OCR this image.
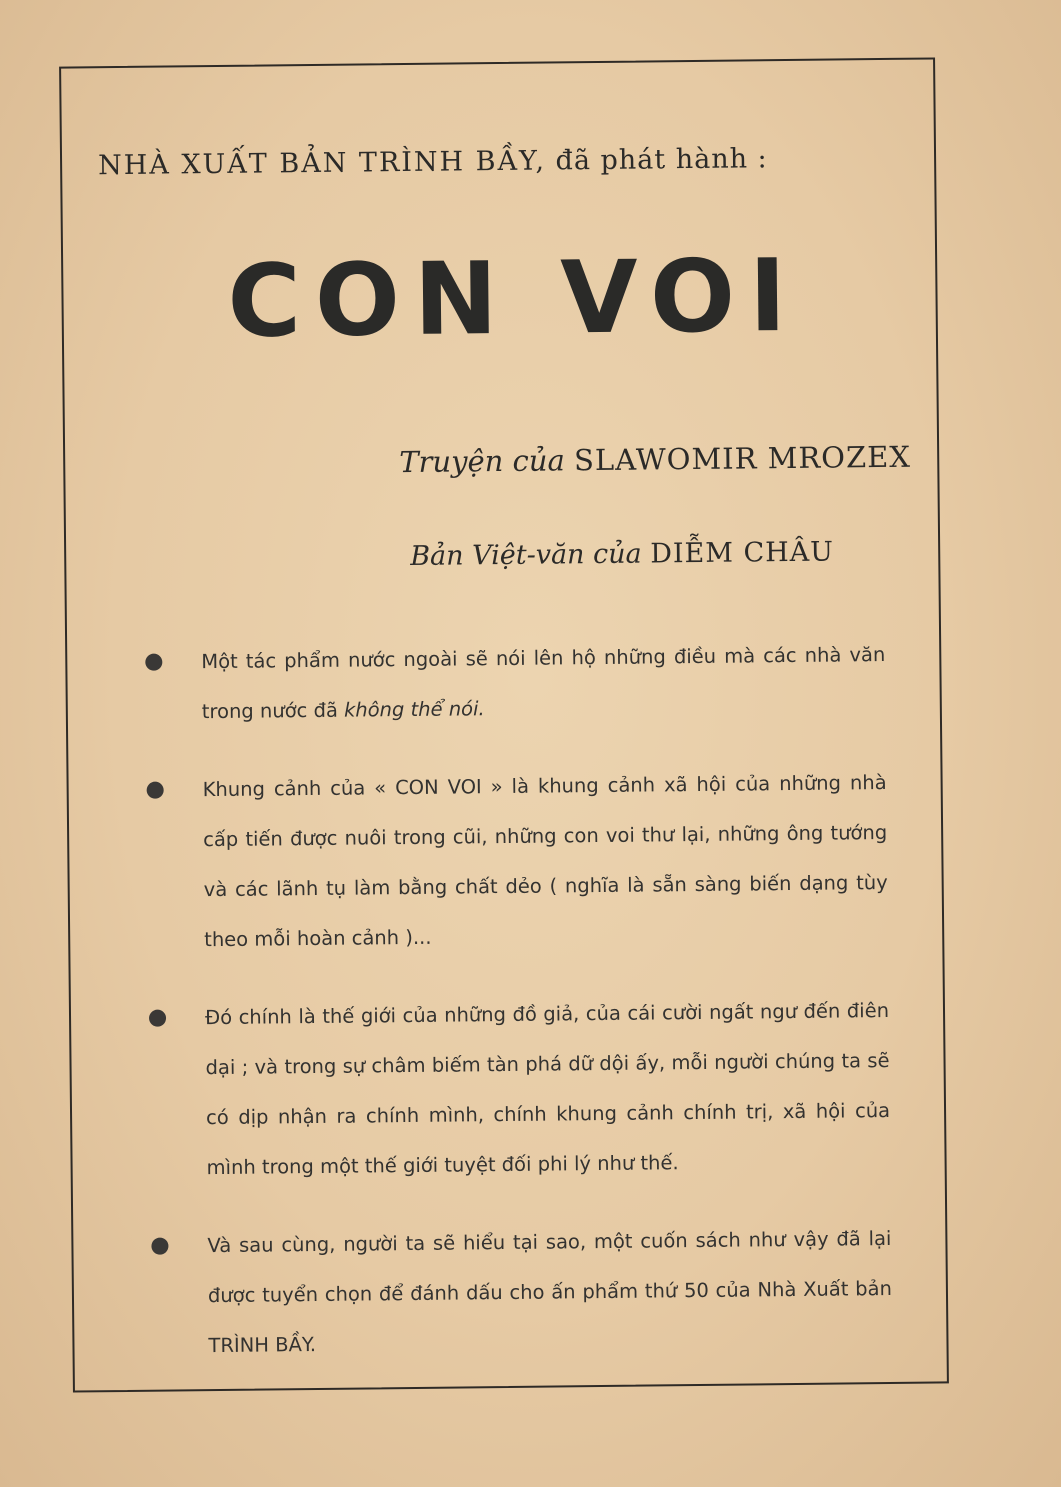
NHÀ XUẤT BẢN TRÌNH BẦY, đã phát hành :
CON VOI
Truyện của SLAWOMIR MROZEX
Bản Việt-văn của DIỄM CHÂU
Một tác phẩm nước ngoài sẽ nói lên hộ những điều mà các nhà văn trong nước đã không thể nói.
Khung cảnh của « CON VOI » là khung cảnh xã hội của những nhà cấp tiến được nuôi trong cũi, những con voi thư lại, những ông tướng và các lãnh tụ làm bằng chất dẻo ( nghĩa là sẵn sàng biến dạng tùy theo mỗi hoàn cảnh )...
Đó chính là thế giới của những đồ giả, của cái cười ngất ngư đến điên dại ; và trong sự châm biếm tàn phá dữ dội ấy, mỗi người chúng ta sẽ có dịp nhận ra chính mình, chính khung cảnh chính trị, xã hội của mình trong một thế giới tuyệt đối phi lý như thế.
Và sau cùng, người ta sẽ hiểu tại sao, một cuốn sách như vậy đã lại được tuyển chọn để đánh dấu cho ấn phẩm thứ 50 của Nhà Xuất bản TRÌNH BẦY.
